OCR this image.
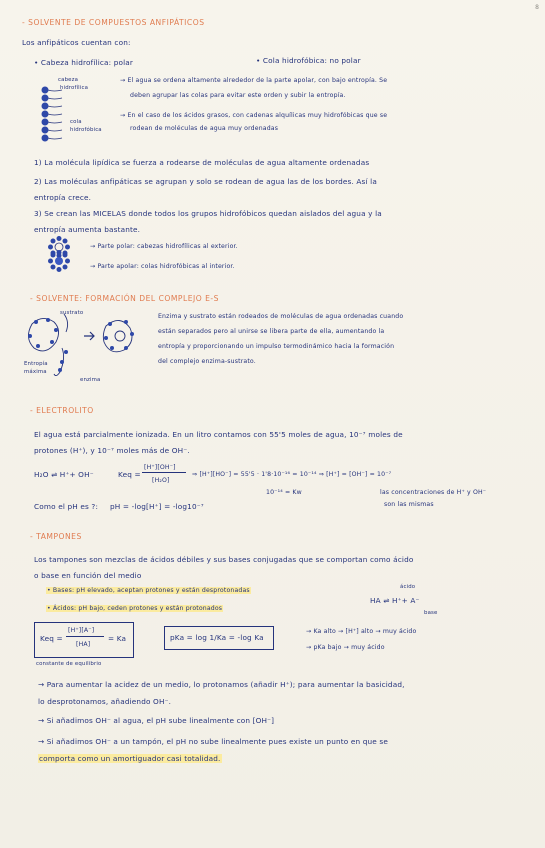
8
- SOLVENTE DE COMPUESTOS ANFIPÁTICOS
Los anfipáticos cuentan con:
• Cabeza hidrofílica: polar	• Cola hidrofóbica: no polar
cabeza
hidrofílica
cola
hidrofóbica
→ El agua se ordena altamente alrededor de la parte apolar, con bajo entropía. Se
deben agrupar las colas para evitar este orden y subir la entropía.
→ En el caso de los ácidos grasos, con cadenas alquílicas muy hidrofóbicas que se
rodean de moléculas de agua muy ordenadas
1) La molécula lipídica se fuerza a rodearse de moléculas de agua altamente ordenadas
2) Las moléculas anfipáticas se agrupan y solo se rodean de agua las de los bordes. Así la
entropía crece.
3) Se crean las MICELAS donde todos los grupos hidrofóbicos quedan aislados del agua y la
entropía aumenta bastante.
→ Parte polar: cabezas hidrofílicas al exterior.
→ Parte apolar: colas hidrofóbicas al interior.
- SOLVENTE: FORMACIÓN DEL COMPLEJO E-S
sustrato
Entropía
máxima
enzima
Enzima y sustrato están rodeados de moléculas de agua ordenadas cuando
están separados pero al unirse se libera parte de ella, aumentando la
entropía y proporcionando un impulso termodinámico hacia la formación
del complejo enzima-sustrato.
- ELECTROLITO
El agua está parcialmente ionizada. En un litro contamos con 55'5 moles de agua, 10⁻⁷ moles de
protones (H⁺), y 10⁻⁷ moles más de OH⁻.
H₂O ⇌ H⁺+ OH⁻	Keq =
[H⁺][OH⁻]
[H₂O]
⇒ [H⁺][HO⁻] = 55'5 · 1'8·10⁻¹⁶ = 10⁻¹⁴ ⇒ [H⁺] = [OH⁻] = 10⁻⁷
10⁻¹⁴ = Kw
Como el pH es ?: pH = -log[H⁺] = -log10⁻⁷
las concentraciones de H⁺ y OH⁻
son las mismas
- TAMPONES
Los tampones son mezclas de ácidos débiles y sus bases conjugadas que se comportan como ácido
o base en función del medio
• Bases: pH elevado, aceptan protones y están desprotonadas
• Ácidos: pH bajo, ceden protones y están protonados
ácido
HA ⇌ H⁺+ A⁻
base
Keq =
[H⁺][A⁻]
[HA]
= Ka
constante de equilibrio
pKa = log 1/Ka = -log Ka
→ Ka alto → [H⁺] alto → muy ácido
→ pKa bajo → muy ácido
→ Para aumentar la acidez de un medio, lo protonamos (añadir H⁺); para aumentar la basicidad,
lo desprotonamos, añadiendo OH⁻.
→ Si añadimos OH⁻ al agua, el pH sube linealmente con [OH⁻]
→ Si añadimos OH⁻ a un tampón, el pH no sube linealmente pues existe un punto en que se
comporta como un amortiguador casi totalidad.
